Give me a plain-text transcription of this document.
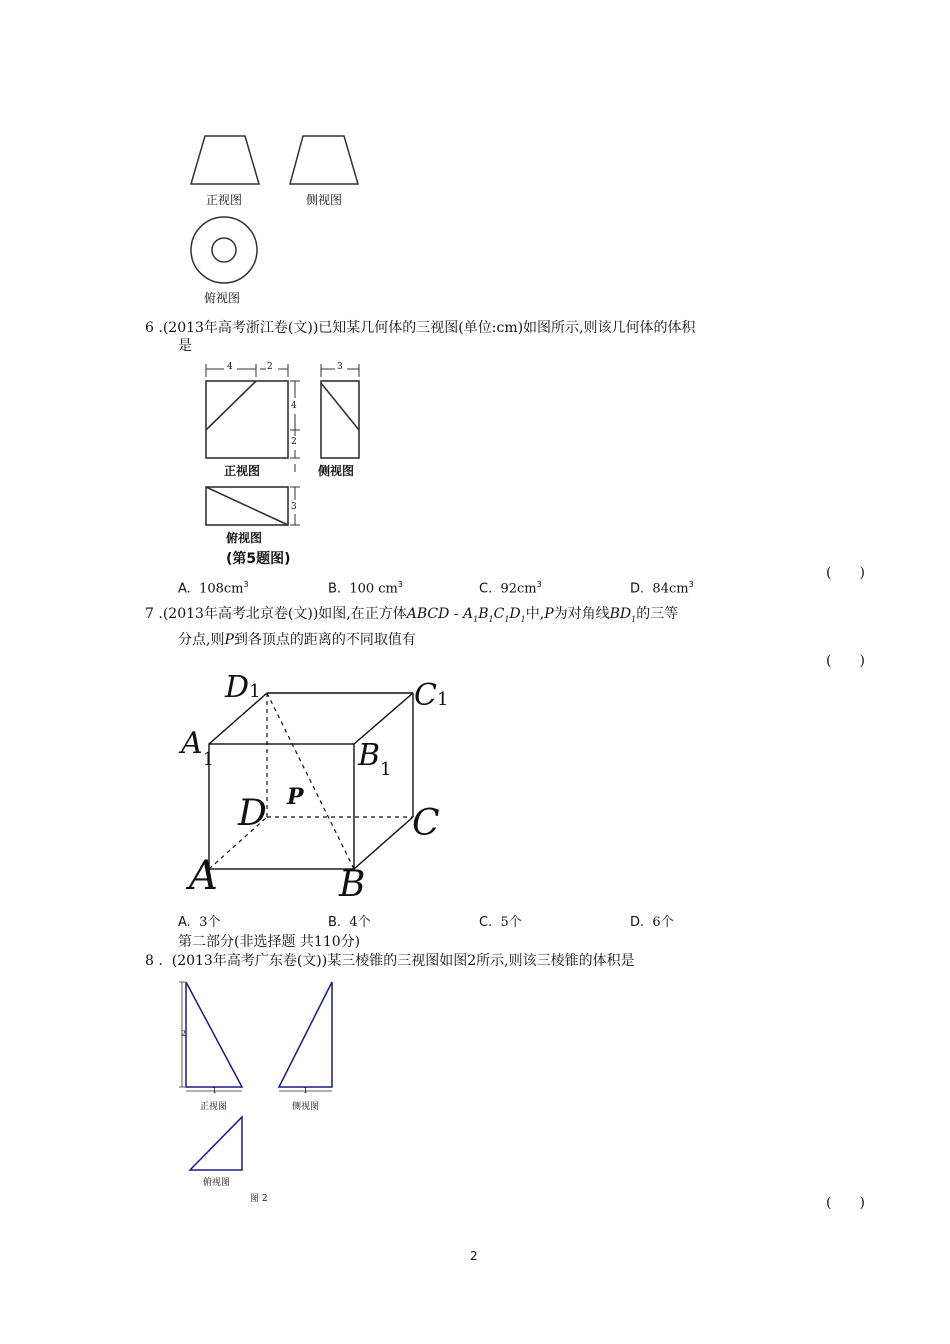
正视图	侧视图
俯视图
6 .(2013年高考浙江卷(文))已知某几何体的三视图(单位:cm)如图所示,则该几何体的体积
是
4	2	3
4
2
3
正视图	侧视图
俯视图
(第5题图)
(　　)
A. $108cm^3$	B. 100 $cm^3$	C. $92cm^3$	D. $84cm^3$
7 .(2013年高考北京卷(文))如图,在正方体ABCD - $A_1B_1C_1D_1$中,P为对角线$BD_1$的三等
分点,则P到各顶点的距离的不同取值有
(　　)
D1	C1
$A_1$	$B_1$
D	C
A	B
P
A. 3个	B. 4个	C. 5个	D. 6个
第二部分(非选择题 共110分)
8 .  (2013年高考广东卷(文))某三棱锥的三视图如图2所示,则该三棱锥的体积是
2
1	1
正视图	侧视图
俯视图
图 2	(　　)
2
